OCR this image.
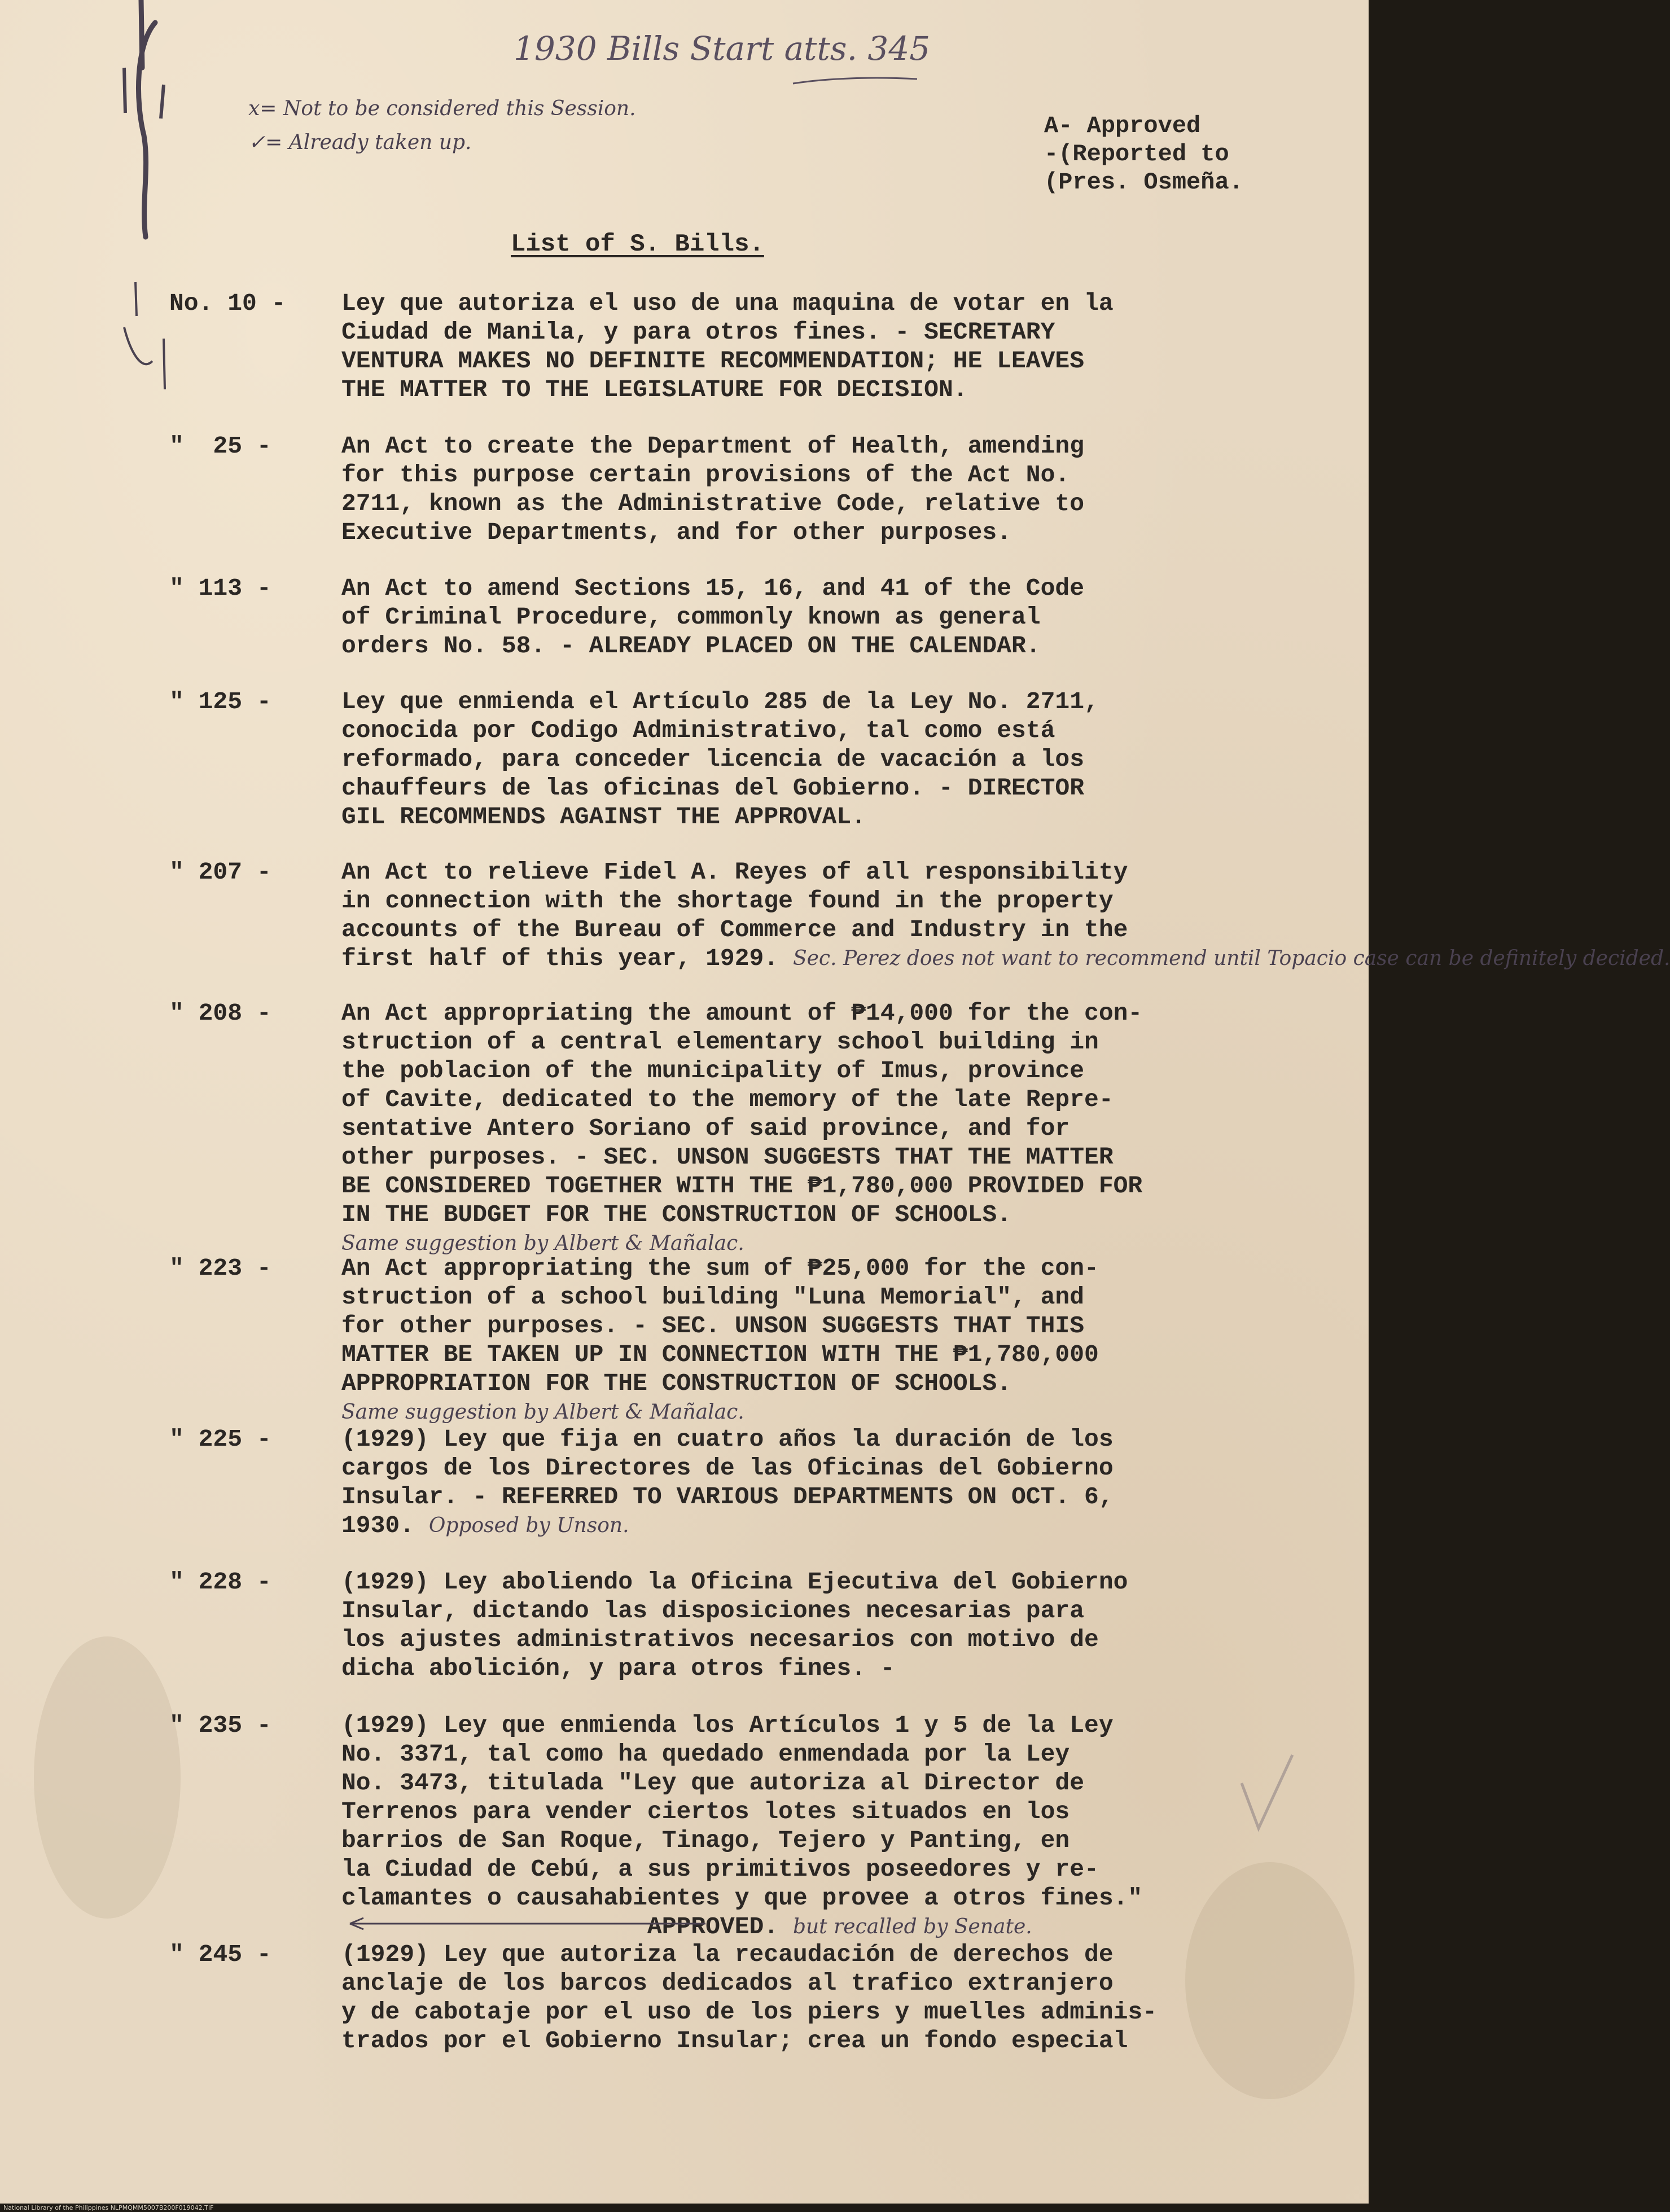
1930 Bills Start atts. 345
x= Not to be considered this Session.
✓= Already taken up.
A- Approved
-(Reported to
(Pres. Osmeña.
List of S. Bills.
No. 10 -	Ley que autoriza el uso de una maquina de votar en la
Ciudad de Manila, y para otros fines. - SECRETARY
VENTURA MAKES NO DEFINITE RECOMMENDATION; HE LEAVES
THE MATTER TO THE LEGISLATURE FOR DECISION.
"  25 -	An Act to create the Department of Health, amending
for this purpose certain provisions of the Act No.
2711, known as the Administrative Code, relative to
Executive Departments, and for other purposes.
" 113 -	An Act to amend Sections 15, 16, and 41 of the Code
of Criminal Procedure, commonly known as general
orders No. 58. - ALREADY PLACED ON THE CALENDAR.
" 125 -	Ley que enmienda el Artículo 285 de la Ley No. 2711,
conocida por Codigo Administrativo, tal como está
reformado, para conceder licencia de vacación a los
chauffeurs de las oficinas del Gobierno. - DIRECTOR
GIL RECOMMENDS AGAINST THE APPROVAL.
" 207 -	An Act to relieve Fidel A. Reyes of all responsibility
in connection with the shortage found in the property
accounts of the Bureau of Commerce and Industry in the
first half of this year, 1929. Sec. Perez does not want to recommend until Topacio case can be definitely decided.
" 208 -	An Act appropriating the amount of ₱14,000 for the con-
struction of a central elementary school building in
the poblacion of the municipality of Imus, province
of Cavite, dedicated to the memory of the late Repre-
sentative Antero Soriano of said province, and for
other purposes. - SEC. UNSON SUGGESTS THAT THE MATTER
BE CONSIDERED TOGETHER WITH THE ₱1,780,000 PROVIDED FOR
IN THE BUDGET FOR THE CONSTRUCTION OF SCHOOLS.
Same suggestion by Albert & Mañalac.
" 223 -	An Act appropriating the sum of ₱25,000 for the con-
struction of a school building "Luna Memorial", and
for other purposes. - SEC. UNSON SUGGESTS THAT THIS
MATTER BE TAKEN UP IN CONNECTION WITH THE ₱1,780,000
APPROPRIATION FOR THE CONSTRUCTION OF SCHOOLS.
Same suggestion by Albert & Mañalac.
" 225 -	(1929) Ley que fija en cuatro años la duración de los
cargos de los Directores de las Oficinas del Gobierno
Insular. - REFERRED TO VARIOUS DEPARTMENTS ON OCT. 6,
1930. Opposed by Unson.
" 228 -	(1929) Ley aboliendo la Oficina Ejecutiva del Gobierno
Insular, dictando las disposiciones necesarias para
los ajustes administrativos necesarios con motivo de
dicha abolición, y para otros fines. -
" 235 -	(1929) Ley que enmienda los Artículos 1 y 5 de la Ley
No. 3371, tal como ha quedado enmendada por la Ley
No. 3473, titulada "Ley que autoriza al Director de
Terrenos para vender ciertos lotes situados en los
barrios de San Roque, Tinago, Tejero y Panting, en
la Ciudad de Cebú, a sus primitivos poseedores y re-
clamantes o causahabientes y que provee a otros fines."
APPROVED. but recalled by Senate.
" 245 -	(1929) Ley que autoriza la recaudación de derechos de
anclaje de los barcos dedicados al trafico extranjero
y de cabotaje por el uso de los piers y muelles adminis-
trados por el Gobierno Insular; crea un fondo especial
National Library of the Philippines NLPMQMM5007B200F019042.TIF
